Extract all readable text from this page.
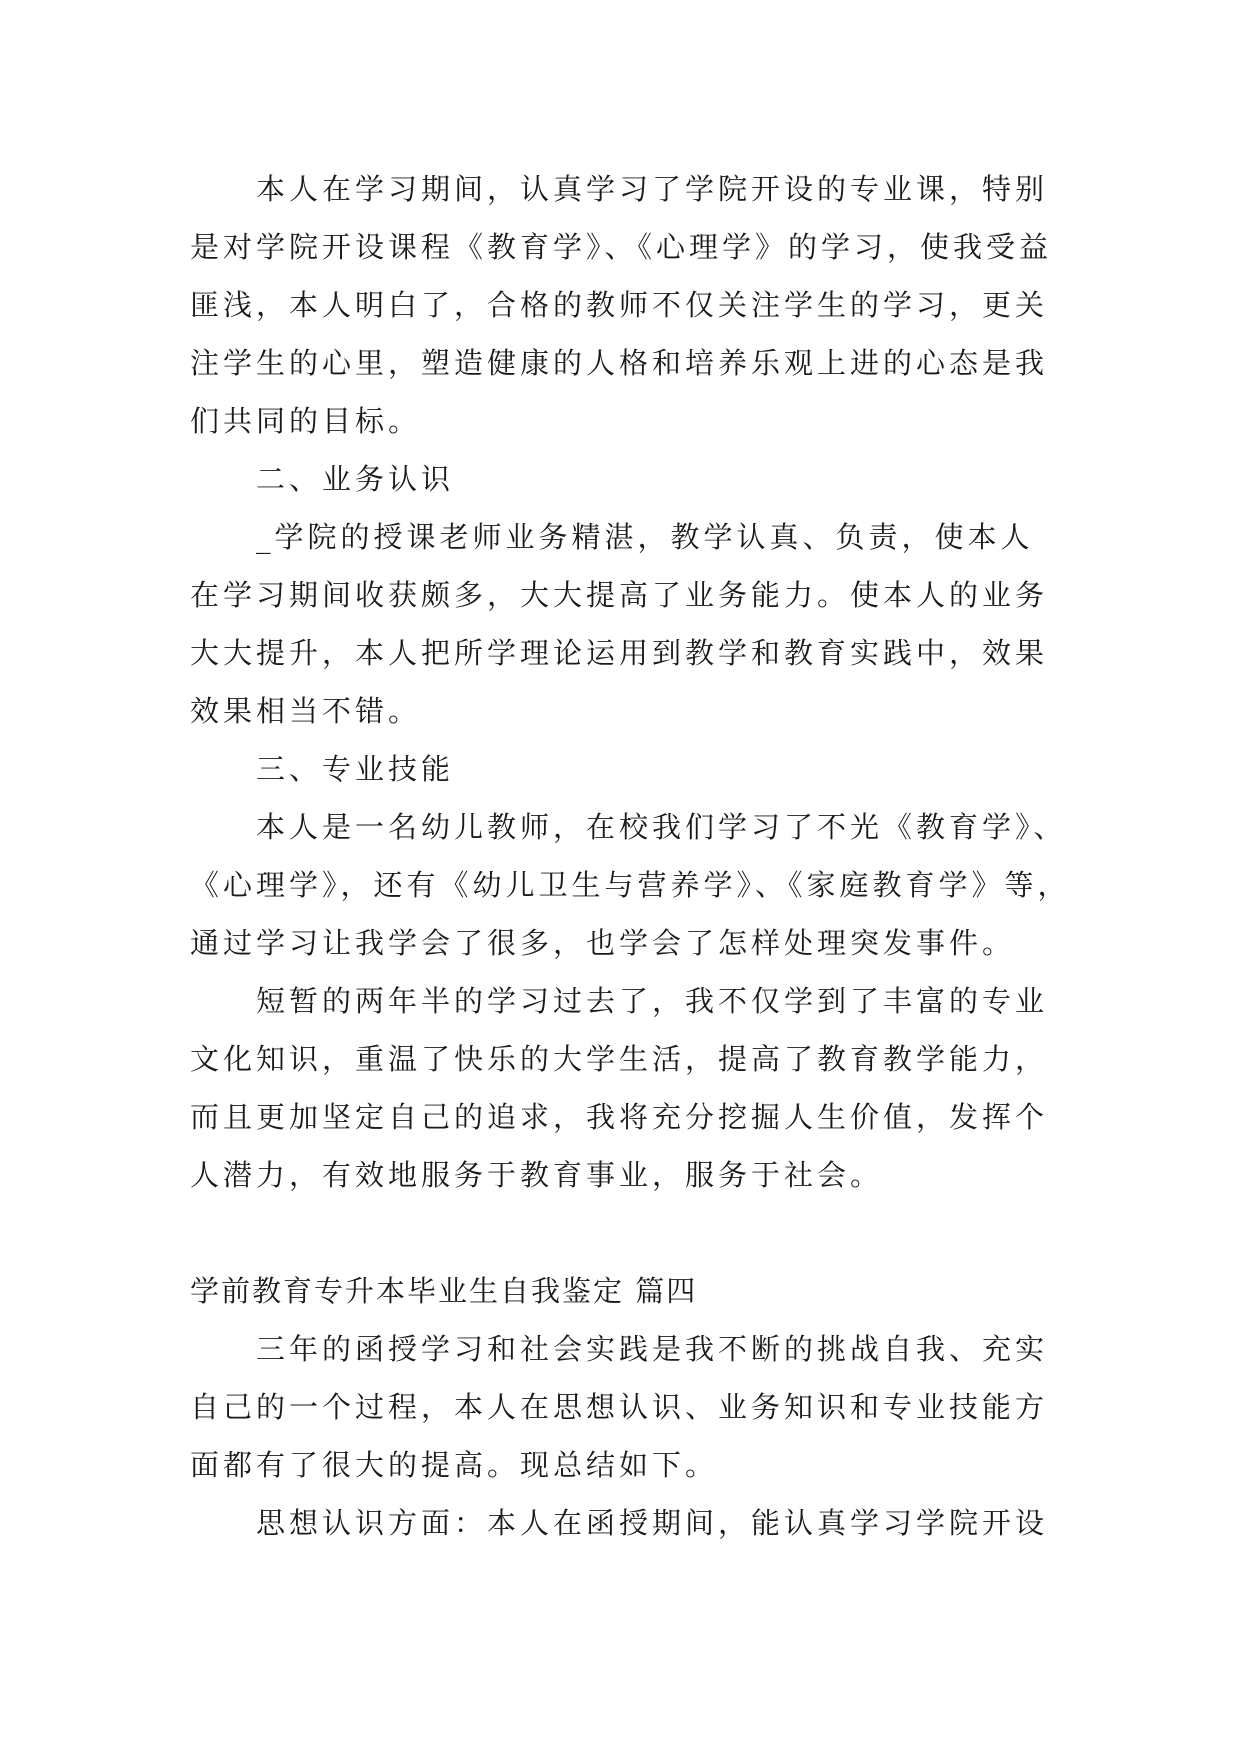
本人在学习期间，认真学习了学院开设的专业课，特别
是对学院开设课程《教育学》、《心理学》的学习，使我受益
匪浅，本人明白了，合格的教师不仅关注学生的学习，更关
注学生的心里，塑造健康的人格和培养乐观上进的心态是我
们共同的目标。
二、业务认识
_学院的授课老师业务精湛，教学认真、负责，使本人
在学习期间收获颇多，大大提高了业务能力。使本人的业务
大大提升，本人把所学理论运用到教学和教育实践中，效果
效果相当不错。
三、专业技能
本人是一名幼儿教师，在校我们学习了不光《教育学》、
《心理学》，还有《幼儿卫生与营养学》、《家庭教育学》等，
通过学习让我学会了很多，也学会了怎样处理突发事件。
短暂的两年半的学习过去了，我不仅学到了丰富的专业
文化知识，重温了快乐的大学生活，提高了教育教学能力，
而且更加坚定自己的追求，我将充分挖掘人生价值，发挥个
人潜力，有效地服务于教育事业，服务于社会。
学前教育专升本毕业生自我鉴定 篇四
三年的函授学习和社会实践是我不断的挑战自我、充实
自己的一个过程，本人在思想认识、业务知识和专业技能方
面都有了很大的提高。现总结如下。
思想认识方面：本人在函授期间，能认真学习学院开设
